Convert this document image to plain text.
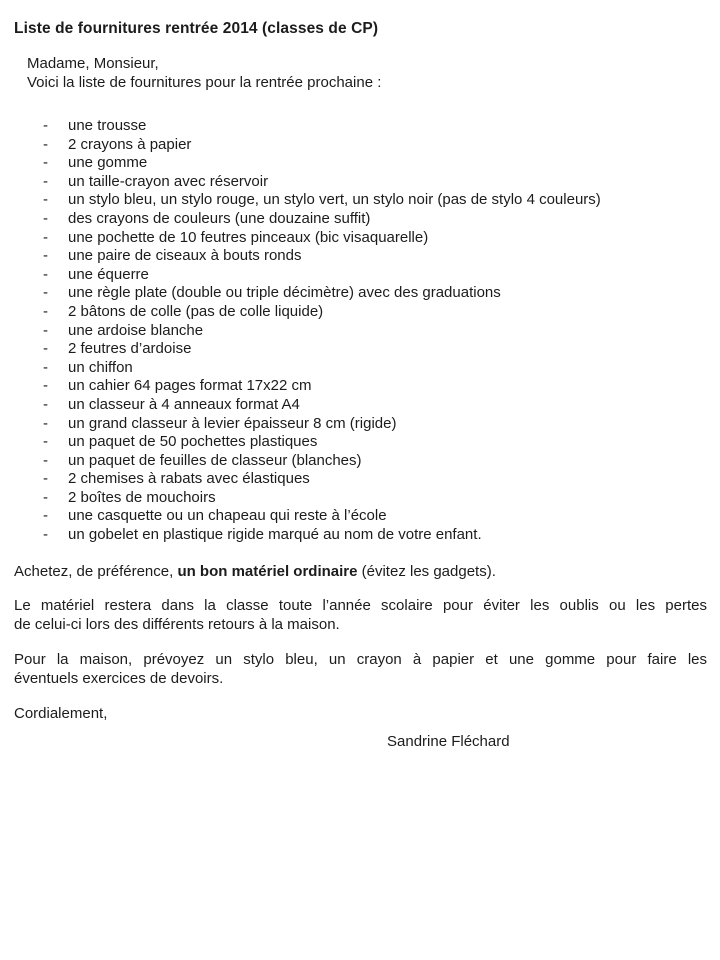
Liste de fournitures rentrée 2014 (classes de CP)
Madame, Monsieur,
Voici la liste de fournitures pour la rentrée prochaine :
- une trousse
- 2 crayons à papier
- une gomme
- un taille-crayon avec réservoir
- un stylo bleu, un stylo rouge, un stylo vert, un stylo noir (pas de stylo 4 couleurs)
- des crayons de couleurs (une douzaine suffit)
- une pochette de 10 feutres pinceaux (bic visaquarelle)
- une paire de ciseaux à bouts ronds
- une équerre
- une règle plate (double ou triple décimètre) avec des graduations
- 2 bâtons de colle (pas de colle liquide)
- une ardoise blanche
- 2 feutres d’ardoise
- un chiffon
- un cahier 64 pages format 17x22 cm
- un classeur à 4 anneaux format A4
- un grand classeur à levier épaisseur 8 cm (rigide)
- un paquet de 50 pochettes plastiques
- un paquet de feuilles de classeur (blanches)
- 2 chemises à rabats avec élastiques
- 2 boîtes de mouchoirs
- une casquette ou un chapeau qui reste à l’école
- un gobelet en plastique rigide marqué au nom de votre enfant.

Achetez, de préférence, un bon matériel ordinaire (évitez les gadgets).

Le matériel restera dans la classe toute l’année scolaire pour éviter les oublis ou les pertes
de celui-ci lors des différents retours à la maison.

Pour la maison, prévoyez un stylo bleu, un crayon à papier et une gomme pour faire les
éventuels exercices de devoirs.

Cordialement,
Sandrine Fléchard
